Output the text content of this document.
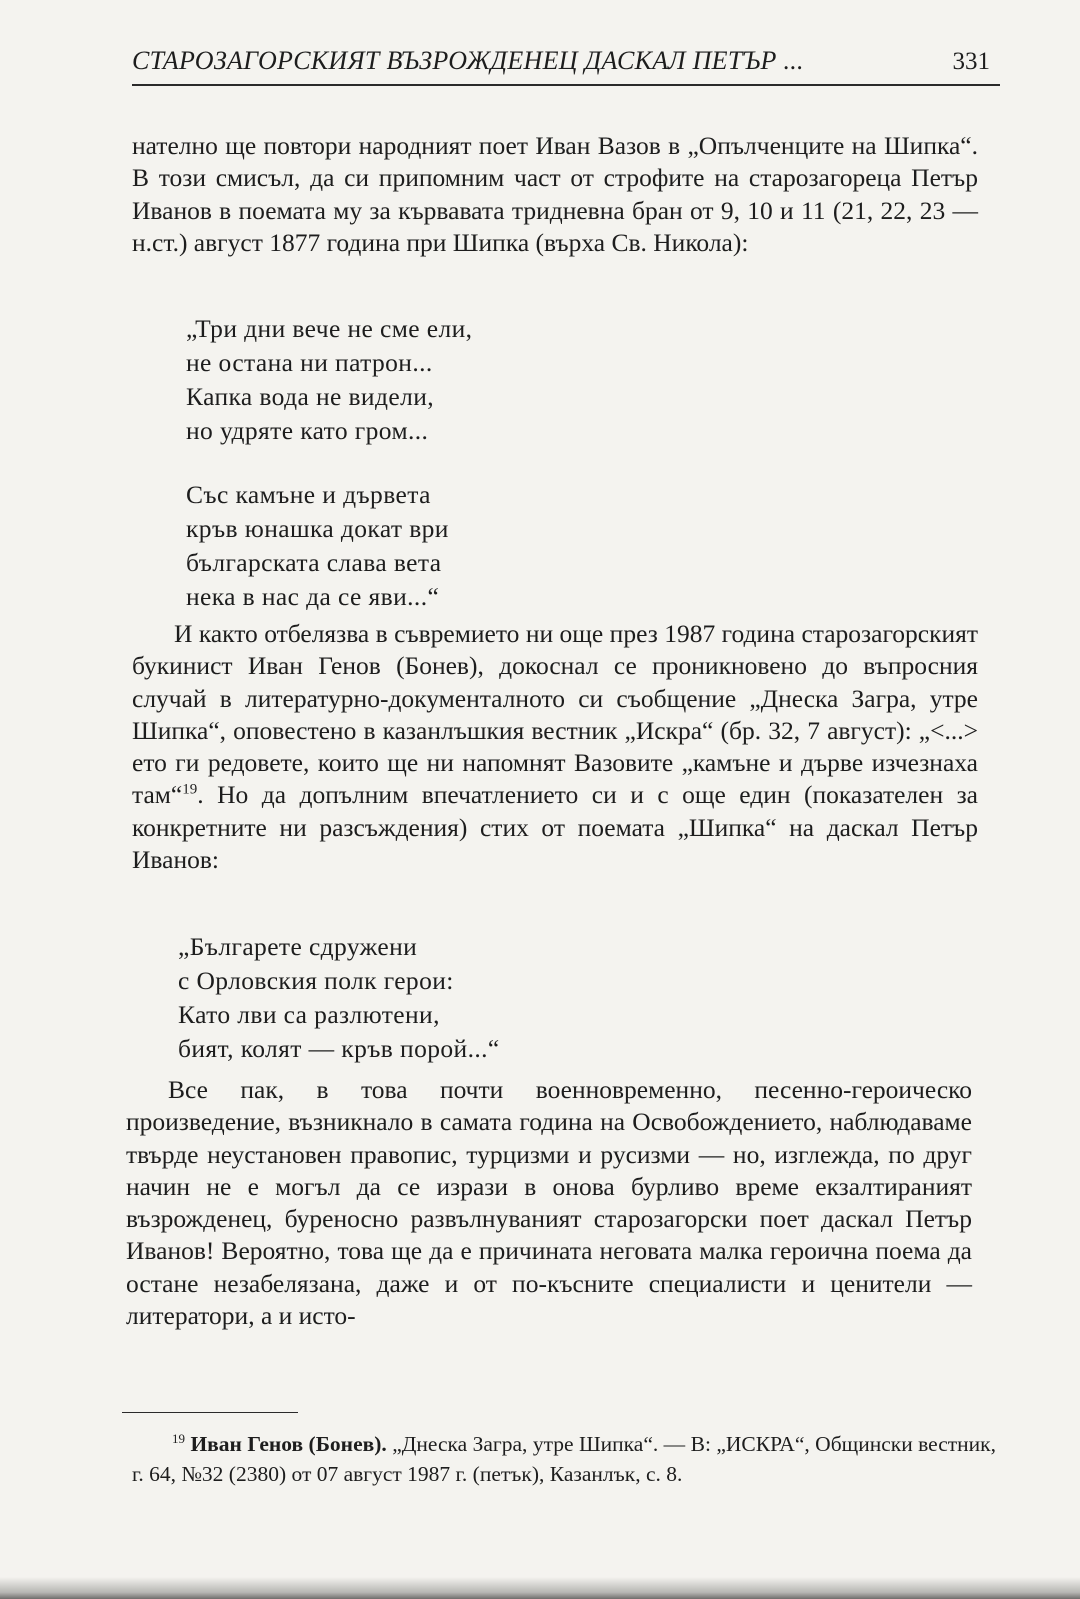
СТАРОЗАГОРСКИЯТ ВЪЗРОЖДЕНЕЦ ДАСКАЛ ПЕТЪР ...	331

нателно ще повтори народният поет Иван Вазов в „Опълченците на Шипка“. В този смисъл, да си припомним част от строфите на старозагореца Петър Иванов в поемата му за кървавата тридневна бран от 9, 10 и 11 (21, 22, 23 — н.ст.) август 1877 година при Шипка (върха Св. Никола):

„Три дни вече не сме ели,
не остана ни патрон...
Капка вода не видели,
но удряте като гром...
Със камъне и дървета
кръв юнашка докат ври
българската слава вета
нека в нас да се яви...“

И както отбелязва в съвремието ни още през 1987 година старозагорският букинист Иван Генов (Бонев), докоснал се проникновено до въпросния случай в литературно-документалното си съобщение „Днеска Загра, утре Шипка“, оповестено в казанлъшкия вестник „Искра“ (бр. 32, 7 август): „<...> ето ги редовете, които ще ни напомнят Вазовите „камъне и дърве изчезнаха там“$^{19}$. Но да допълним впечатлението си и с още един (показателен за конкретните ни разсъждения) стих от поемата „Шипка“ на даскал Петър Иванов:

„Българете сдружени
с Орловския полк герои:
Като лви са разлютени,
бият, колят — кръв порой...“

Все пак, в това почти военновременно, песенно-героическо произведение, възникнало в самата година на Освобождението, наблюдаваме твърде неустановен правопис, турцизми и русизми — но, изглежда, по друг начин не е могъл да се изрази в онова бурливо време екзалтираният възрожденец, буреносно развълнуваният старозагорски поет даскал Петър Иванов! Вероятно, това ще да е причината неговата малка героична поема да остане незабелязана, даже и от по-късните специалисти и ценители — литератори, а и исто-

$^{19}$ Иван Генов (Бонев). „Днеска Загра, утре Шипка“. — В: „ИСКРА“, Общински вестник, г. 64, №32 (2380) от 07 август 1987 г. (петък), Казанлък, с. 8.
